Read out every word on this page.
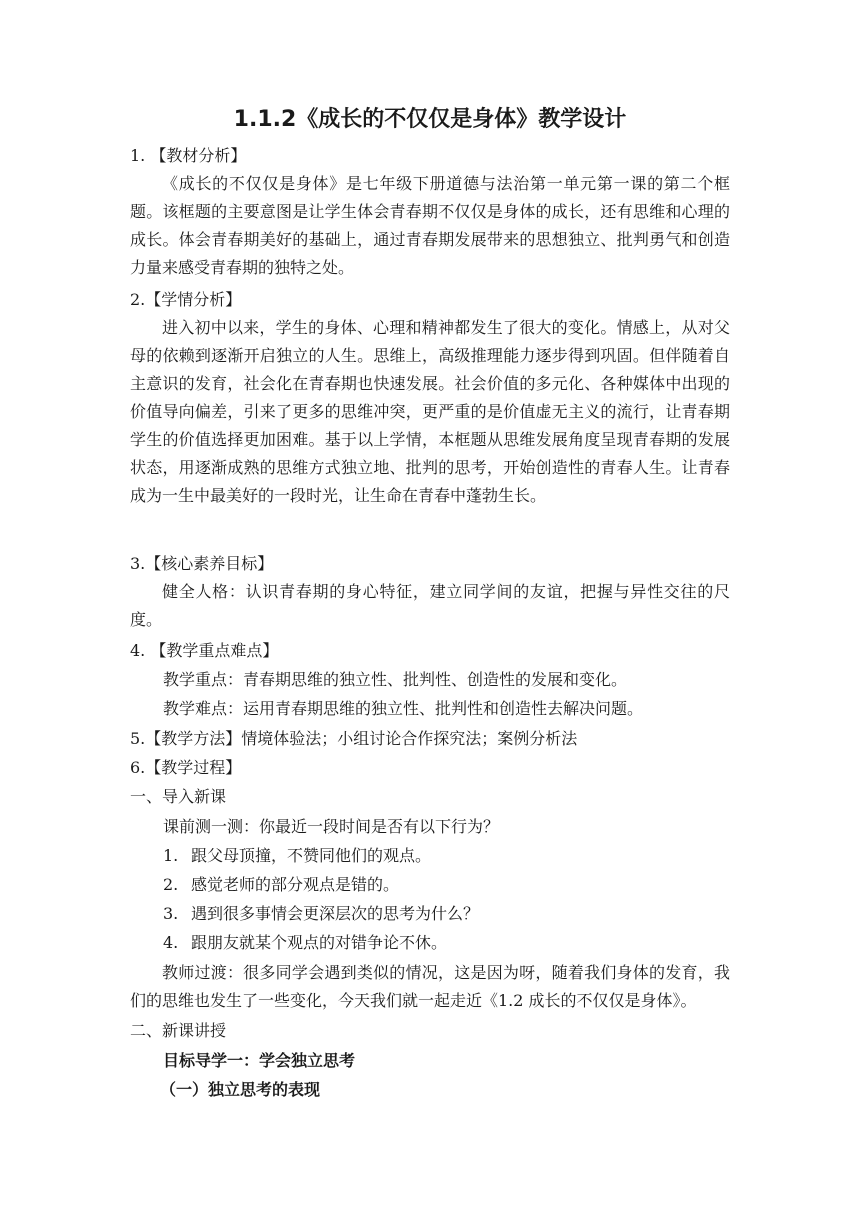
1.1.2《成长的不仅仅是身体》教学设计
1. 【教材分析】
《成长的不仅仅是身体》是七年级下册道德与法治第一单元第一课的第二个框题。该框题的主要意图是让学生体会青春期不仅仅是身体的成长，还有思维和心理的成长。体会青春期美好的基础上，通过青春期发展带来的思想独立、批判勇气和创造力量来感受青春期的独特之处。
2.【学情分析】
进入初中以来，学生的身体、心理和精神都发生了很大的变化。情感上，从对父母的依赖到逐渐开启独立的人生。思维上，高级推理能力逐步得到巩固。但伴随着自主意识的发育，社会化在青春期也快速发展。社会价值的多元化、各种媒体中出现的价值导向偏差，引来了更多的思维冲突，更严重的是价值虚无主义的流行，让青春期学生的价值选择更加困难。基于以上学情，本框题从思维发展角度呈现青春期的发展状态，用逐渐成熟的思维方式独立地、批判的思考，开始创造性的青春人生。让青春成为一生中最美好的一段时光，让生命在青春中蓬勃生长。
3.【核心素养目标】
健全人格：认识青春期的身心特征，建立同学间的友谊，把握与异性交往的尺度。
4. 【教学重点难点】
教学重点：青春期思维的独立性、批判性、创造性的发展和变化。
教学难点：运用青春期思维的独立性、批判性和创造性去解决问题。
5.【教学方法】情境体验法；小组讨论合作探究法；案例分析法
6.【教学过程】
一、导入新课
课前测一测：你最近一段时间是否有以下行为？
1. 跟父母顶撞，不赞同他们的观点。
2. 感觉老师的部分观点是错的。
3. 遇到很多事情会更深层次的思考为什么？
4. 跟朋友就某个观点的对错争论不休。
教师过渡：很多同学会遇到类似的情况，这是因为呀，随着我们身体的发育，我们的思维也发生了一些变化，今天我们就一起走近《1.2 成长的不仅仅是身体》。
二、新课讲授
目标导学一：学会独立思考
（一）独立思考的表现
